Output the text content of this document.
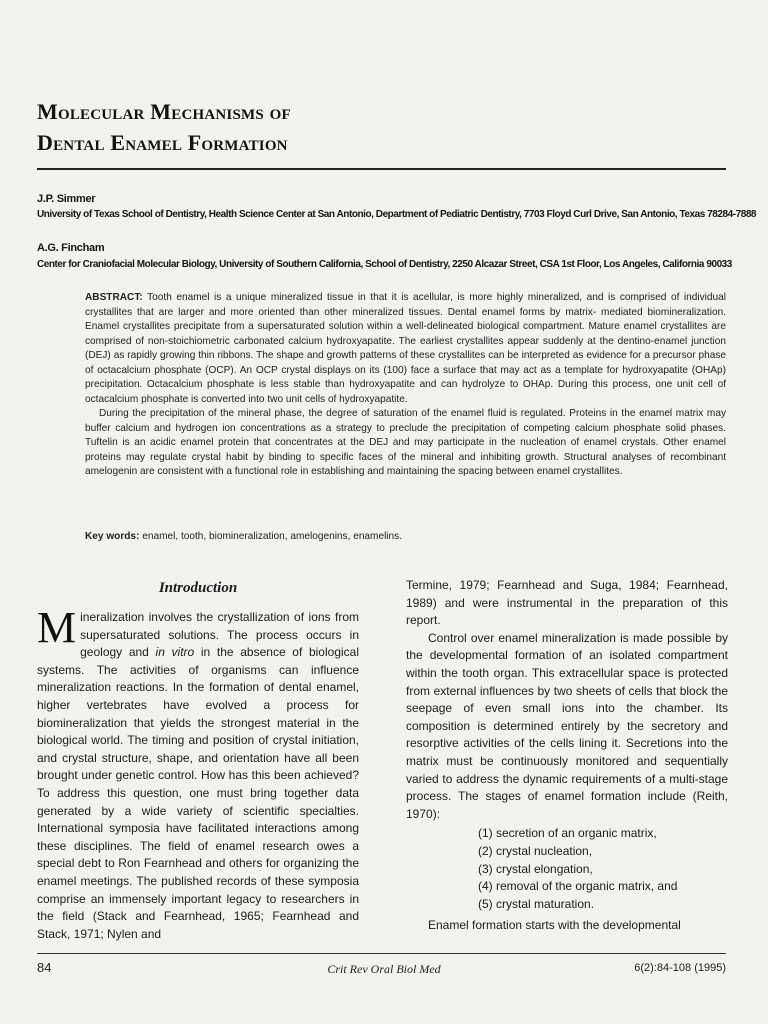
Molecular Mechanisms of
Dental Enamel Formation
J.P. Simmer
University of Texas School of Dentistry, Health Science Center at San Antonio, Department of Pediatric Dentistry, 7703 Floyd Curl Drive, San Antonio, Texas 78284-7888
A.G. Fincham
Center for Craniofacial Molecular Biology, University of Southern California, School of Dentistry, 2250 Alcazar Street, CSA 1st Floor, Los Angeles, California 90033

ABSTRACT: Tooth enamel is a unique mineralized tissue in that it is acellular, is more highly mineralized, and is comprised of individual crystallites that are larger and more oriented than other mineralized tissues. Dental enamel forms by matrix- mediated biomineralization. Enamel crystallites precipitate from a supersaturated solution within a well-delineated biological compartment. Mature enamel crystallites are comprised of non-stoichiometric carbonated calcium hydroxyapatite. The earliest crystallites appear suddenly at the dentino-enamel junction (DEJ) as rapidly growing thin ribbons. The shape and growth patterns of these crystallites can be interpreted as evidence for a precursor phase of octacalcium phosphate (OCP). An OCP crystal displays on its (100) face a surface that may act as a template for hydroxyapatite (OHAp) precipitation. Octacalcium phosphate is less stable than hydroxyapatite and can hydrolyze to OHAp. During this process, one unit cell of octacalcium phosphate is converted into two unit cells of hydroxyapatite.

During the precipitation of the mineral phase, the degree of saturation of the enamel fluid is regulated. Proteins in the enamel matrix may buffer calcium and hydrogen ion concentrations as a strategy to preclude the precipitation of competing calcium phosphate solid phases. Tuftelin is an acidic enamel protein that concentrates at the DEJ and may participate in the nucleation of enamel crystals. Other enamel proteins may regulate crystal habit by binding to specific faces of the mineral and inhibiting growth. Structural analyses of recombinant amelogenin are consistent with a functional role in establishing and maintaining the spacing between enamel crystallites.

Key words: enamel, tooth, biomineralization, amelogenins, enamelins.
Introduction

Mineralization involves the crystallization of ions from supersaturated solutions. The process occurs in geology and in vitro in the absence of biological systems. The activities of organisms can influence mineralization reactions. In the formation of dental enamel, higher vertebrates have evolved a process for biomineralization that yields the strongest material in the biological world. The timing and position of crystal initiation, and crystal structure, shape, and orientation have all been brought under genetic control. How has this been achieved? To address this question, one must bring together data generated by a wide variety of scientific specialties. International symposia have facilitated interactions among these disciplines. The field of enamel research owes a special debt to Ron Fearnhead and others for organizing the enamel meetings. The published records of these symposia comprise an immensely important legacy to researchers in the field (Stack and Fearnhead, 1965; Fearnhead and Stack, 1971; Nylen and

Termine, 1979; Fearnhead and Suga, 1984; Fearnhead, 1989) and were instrumental in the preparation of this report.

Control over enamel mineralization is made possible by the developmental formation of an isolated compartment within the tooth organ. This extracellular space is protected from external influences by two sheets of cells that block the seepage of even small ions into the chamber. Its composition is determined entirely by the secretory and resorptive activities of the cells lining it. Secretions into the matrix must be continuously monitored and sequentially varied to address the dynamic requirements of a multi-stage process. The stages of enamel formation include (Reith, 1970):

(1) secretion of an organic matrix,
(2) crystal nucleation,
(3) crystal elongation,
(4) removal of the organic matrix, and
(5) crystal maturation.

Enamel formation starts with the developmental

84	Crit Rev Oral Biol Med	6(2):84-108 (1995)
